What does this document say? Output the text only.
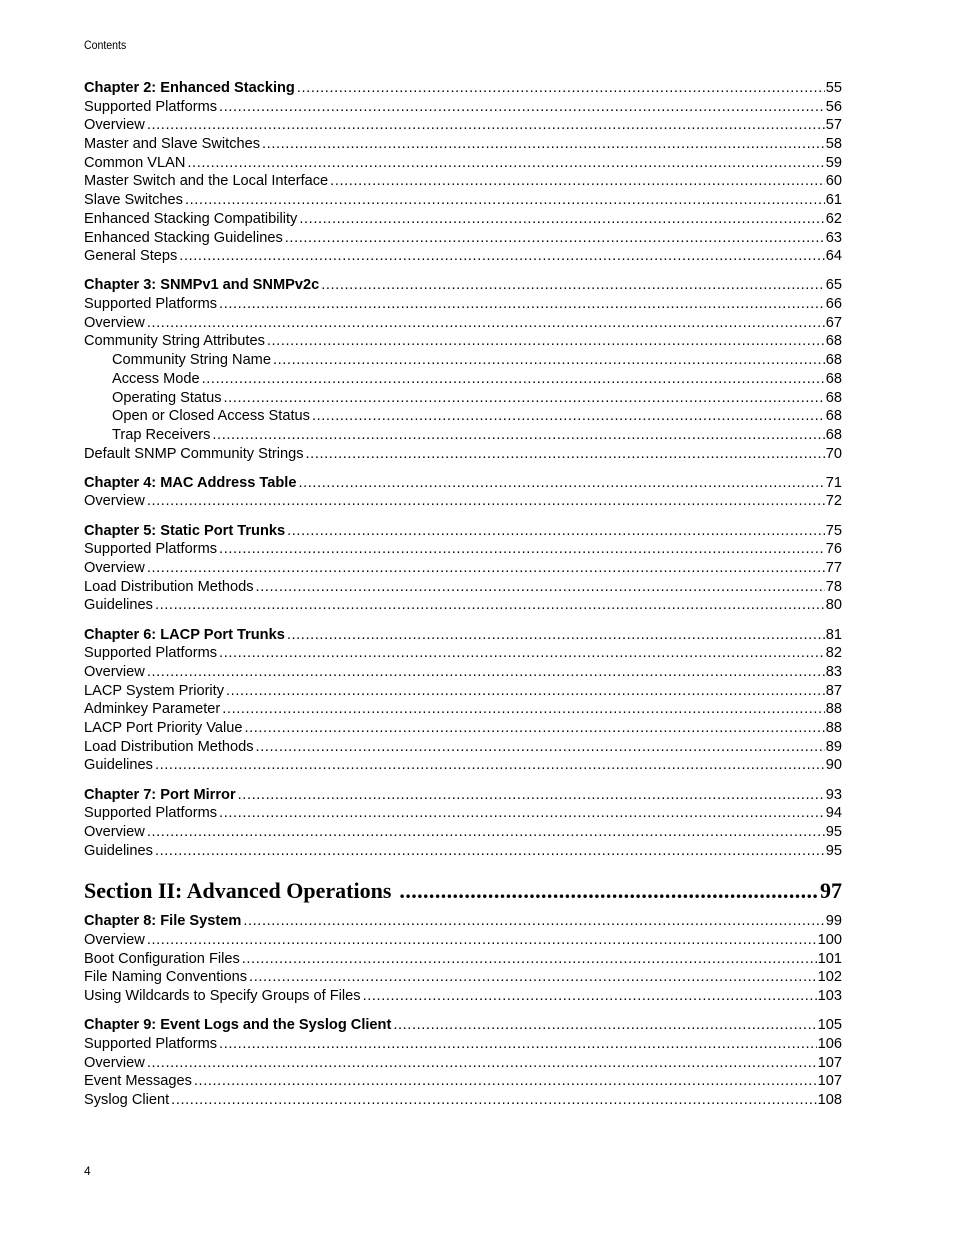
Contents
Chapter 2: Enhanced Stacking .....	55
Supported Platforms .....	56
Overview .....	57
Master and Slave Switches .....	58
Common VLAN .....	59
Master Switch and the Local Interface .....	60
Slave Switches .....	61
Enhanced Stacking Compatibility .....	62
Enhanced Stacking Guidelines .....	63
General Steps .....	64
Chapter 3: SNMPv1 and SNMPv2c .....	65
Supported Platforms .....	66
Overview .....	67
Community String Attributes .....	68
Community String Name .....	68
Access Mode .....	68
Operating Status .....	68
Open or Closed Access Status .....	68
Trap Receivers .....	68
Default SNMP Community Strings .....	70
Chapter 4: MAC Address Table .....	71
Overview .....	72
Chapter 5: Static Port Trunks .....	75
Supported Platforms .....	76
Overview .....	77
Load Distribution Methods .....	78
Guidelines .....	80
Chapter 6: LACP Port Trunks .....	81
Supported Platforms .....	82
Overview .....	83
LACP System Priority .....	87
Adminkey Parameter .....	88
LACP Port Priority Value .....	88
Load Distribution Methods .....	89
Guidelines .....	90
Chapter 7: Port Mirror .....	93
Supported Platforms .....	94
Overview .....	95
Guidelines .....	95
Section II: Advanced Operations .....	97
Chapter 8: File System .....	99
Overview .....	100
Boot Configuration Files .....	101
File Naming Conventions .....	102
Using Wildcards to Specify Groups of Files .....	103
Chapter 9: Event Logs and the Syslog Client .....	105
Supported Platforms .....	106
Overview .....	107
Event Messages .....	107
Syslog Client .....	108
4
